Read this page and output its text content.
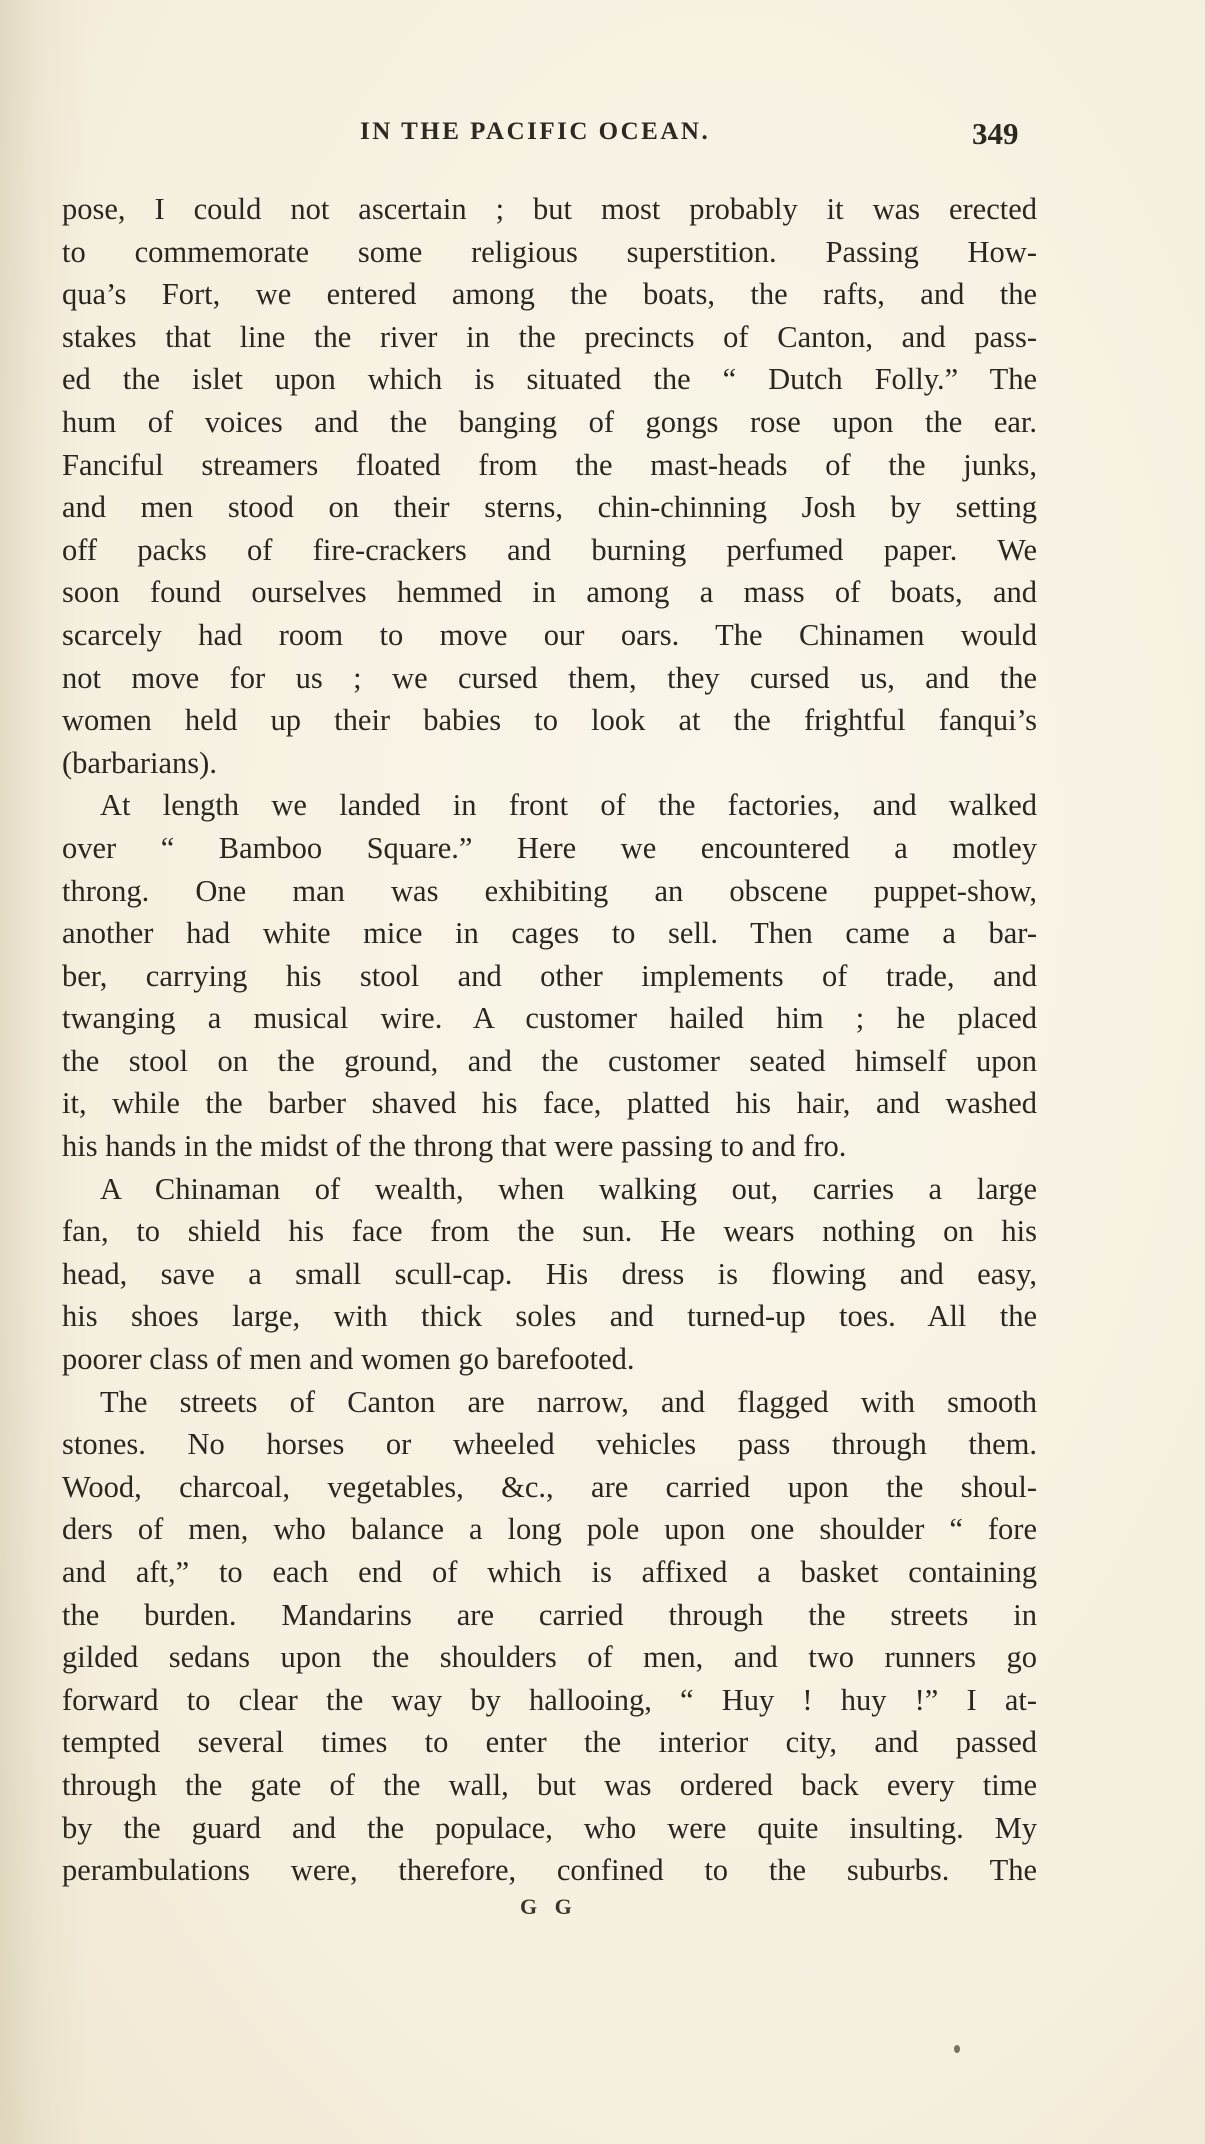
IN THE PACIFIC OCEAN.	349
pose, I could not ascertain ; but most probably it was erected
to commemorate some religious superstition. Passing How-
qua’s Fort, we entered among the boats, the rafts, and the
stakes that line the river in the precincts of Canton, and pass-
ed the islet upon which is situated the “ Dutch Folly.” The
hum of voices and the banging of gongs rose upon the ear.
Fanciful streamers floated from the mast-heads of the junks,
and men stood on their sterns, chin-chinning Josh by setting
off packs of fire-crackers and burning perfumed paper. We
soon found ourselves hemmed in among a mass of boats, and
scarcely had room to move our oars. The Chinamen would
not move for us ; we cursed them, they cursed us, and the
women held up their babies to look at the frightful fanqui’s
(barbarians).
At length we landed in front of the factories, and walked
over “ Bamboo Square.” Here we encountered a motley
throng. One man was exhibiting an obscene puppet-show,
another had white mice in cages to sell. Then came a bar-
ber, carrying his stool and other implements of trade, and
twanging a musical wire. A customer hailed him ; he placed
the stool on the ground, and the customer seated himself upon
it, while the barber shaved his face, platted his hair, and washed
his hands in the midst of the throng that were passing to and fro.
A Chinaman of wealth, when walking out, carries a large
fan, to shield his face from the sun. He wears nothing on his
head, save a small scull-cap. His dress is flowing and easy,
his shoes large, with thick soles and turned-up toes. All the
poorer class of men and women go barefooted.
The streets of Canton are narrow, and flagged with smooth
stones. No horses or wheeled vehicles pass through them.
Wood, charcoal, vegetables, &c., are carried upon the shoul-
ders of men, who balance a long pole upon one shoulder “ fore
and aft,” to each end of which is affixed a basket containing
the burden. Mandarins are carried through the streets in
gilded sedans upon the shoulders of men, and two runners go
forward to clear the way by hallooing, “ Huy ! huy !” I at-
tempted several times to enter the interior city, and passed
through the gate of the wall, but was ordered back every time
by the guard and the populace, who were quite insulting. My
perambulations were, therefore, confined to the suburbs. The
G G
